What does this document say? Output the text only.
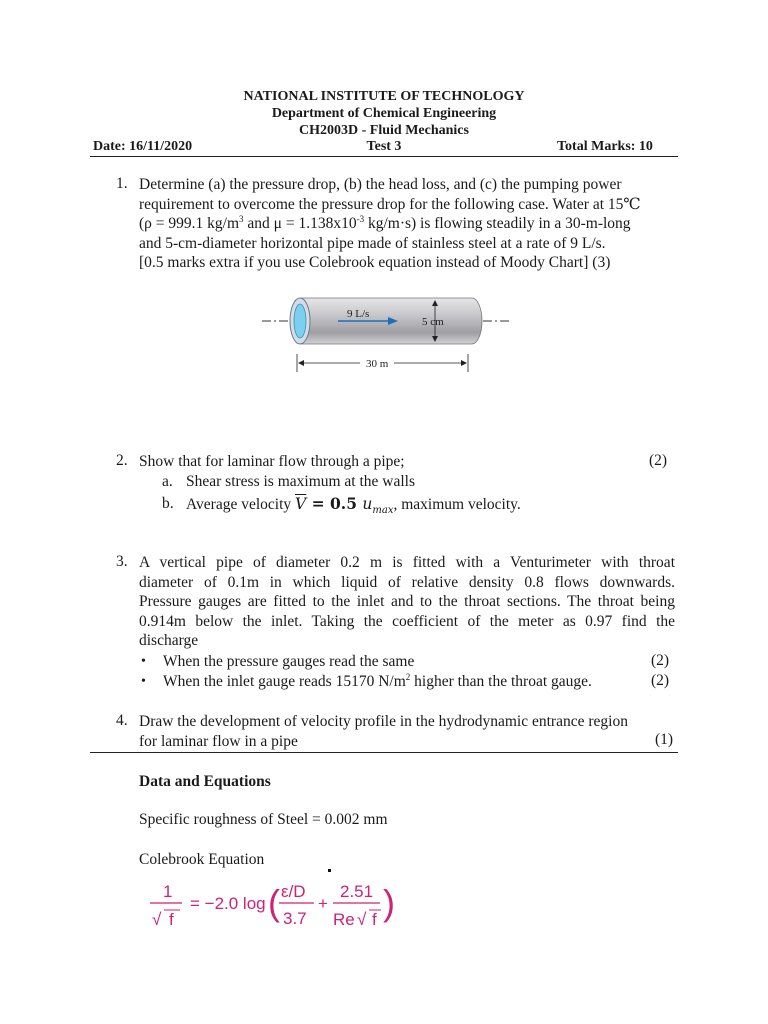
NATIONAL INSTITUTE OF TECHNOLOGY
Department of Chemical Engineering
CH2003D - Fluid Mechanics
Date: 16/11/2020	Test 3	Total Marks: 10
1. Determine (a) the pressure drop, (b) the head loss, and (c) the pumping power
requirement to overcome the pressure drop for the following case. Water at 15℃
(ρ = 999.1 $kg/m^3$ and $\mu = 1.138x10^{-3}$ kg/m·s) is flowing steadily in a 30-m-long
and 5-cm-diameter horizontal pipe made of stainless steel at a rate of 9 L/s.
[0.5 marks extra if you use Colebrook equation instead of Moody Chart] (3)
9 L/s
5 cm
30 m
2. Show that for laminar flow through a pipe;	(2)
a. Shear stress is maximum at the walls
b. Average velocity $\overline{V} = 0.5$ $u_{max}$, maximum velocity.
3. A vertical pipe of diameter 0.2 m is fitted with a Venturimeter with throat
diameter of 0.1m in which liquid of relative density 0.8 flows downwards.
Pressure gauges are fitted to the inlet and to the throat sections. The throat being
0.914m below the inlet. Taking the coefficient of the meter as 0.97 find the
discharge
• When the pressure gauges read the same	(2)
• When the inlet gauge reads 15170 $N/m^2$ higher than the throat gauge.	(2)
4. Draw the development of velocity profile in the hydrodynamic entrance region
for laminar flow in a pipe	(1)
Data and Equations
Specific roughness of Steel = 0.002 mm
Colebrook Equation
1
√ f
= −2.0 log ( ε/D
3.7
+
2.51
Re √ f )
